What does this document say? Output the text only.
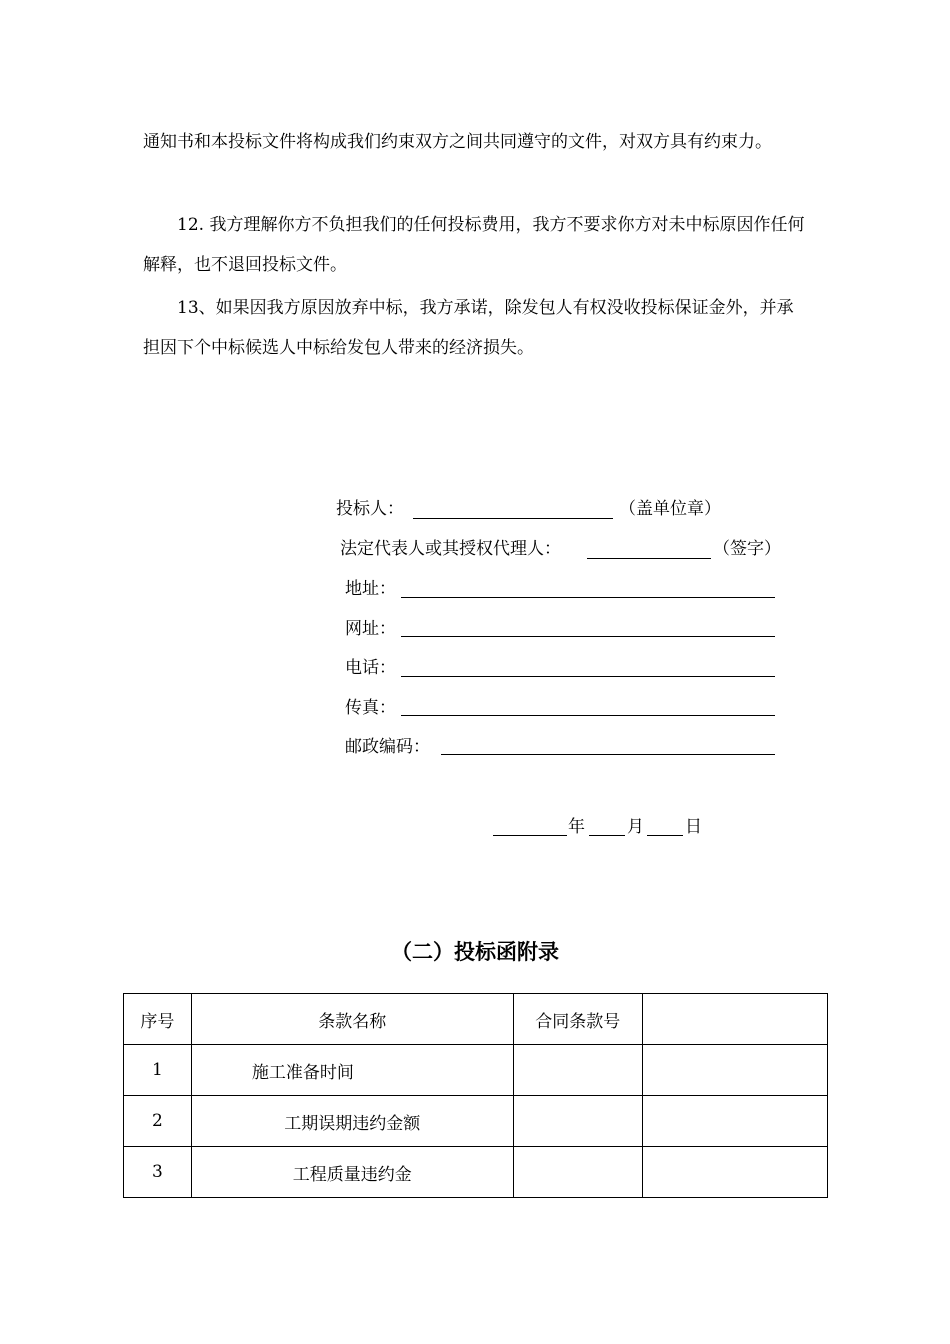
通知书和本投标文件将构成我们约束双方之间共同遵守的文件，对双方具有约束力。

12. 我方理解你方不负担我们的任何投标费用，我方不要求你方对未中标原因作任何解释，也不退回投标文件。

13、如果因我方原因放弃中标，我方承诺，除发包人有权没收投标保证金外，并承担因下个中标候选人中标给发包人带来的经济损失。

投标人：	（盖单位章）
法定代表人或其授权代理人：	（签字）
地址：
网址：
电话：
传真：
邮政编码：
年 月 日
（二）投标函附录
序号	条款名称	合同条款号	
1	施工准备时间		
2	工期误期违约金额		
3	工程质量违约金		
